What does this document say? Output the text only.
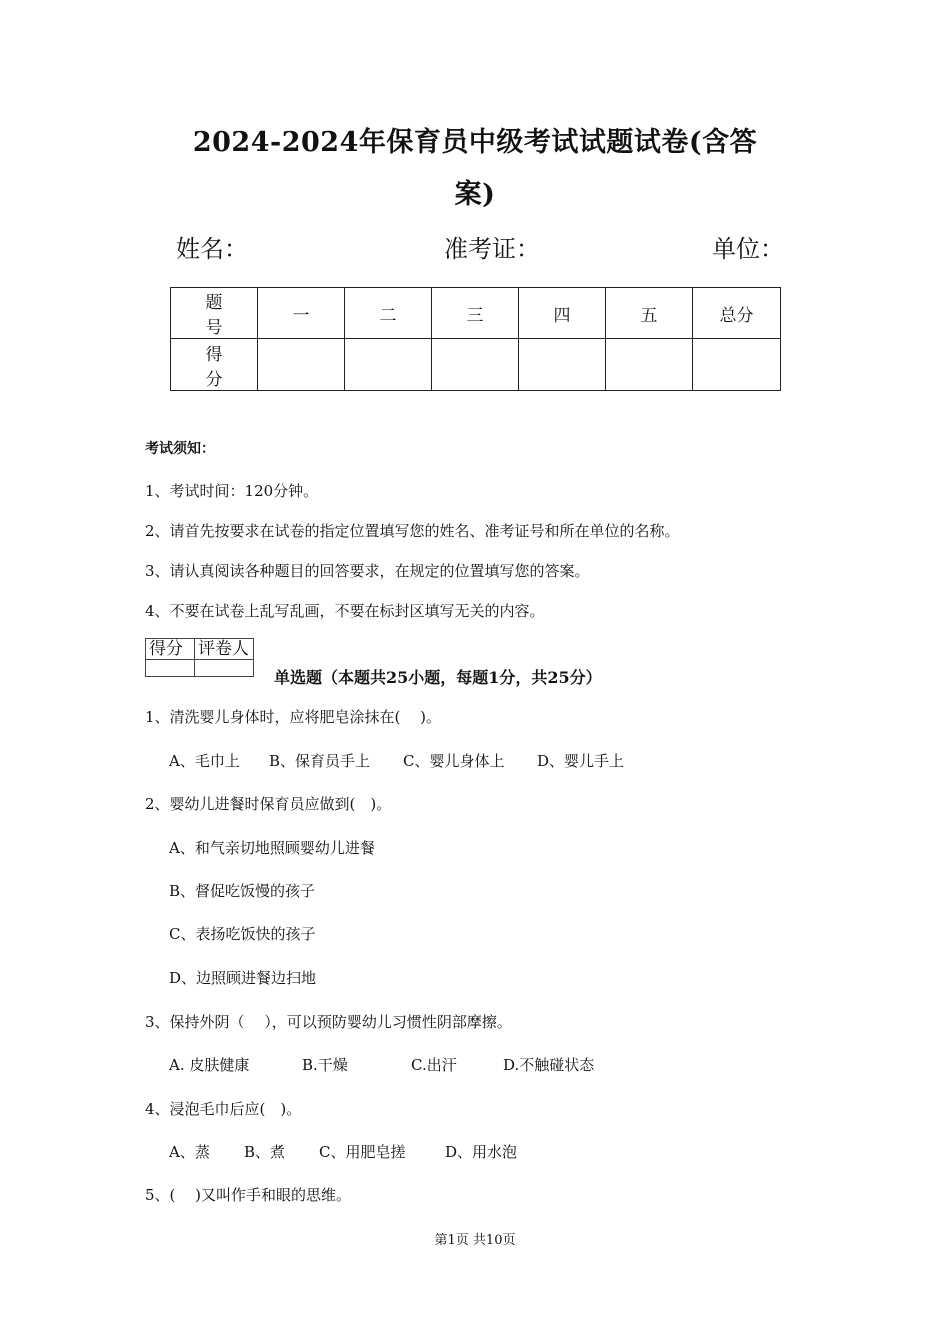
2024-2024年保育员中级考试试题试卷(含答
案)
姓名：	准考证：	单位：
题 号	一	二	三	四	五	总分
得 分						
考试须知：
1、考试时间：120分钟。
2、请首先按要求在试卷的指定位置填写您的姓名、准考证号和所在单位的名称。
3、请认真阅读各种题目的回答要求，在规定的位置填写您的答案。
4、不要在试卷上乱写乱画，不要在标封区填写无关的内容。
得分	评卷人

单选题（本题共25小题，每题1分，共25分）
1、清洗婴儿身体时，应将肥皂涂抹在(　 )。
A、毛巾上 B、保育员手上 C、婴儿身体上 D、婴儿手上
2、婴幼儿进餐时保育员应做到(　)。
A、和气亲切地照顾婴幼儿进餐
B、督促吃饭慢的孩子
C、表扬吃饭快的孩子
D、边照顾进餐边扫地
3、保持外阴（　 ），可以预防婴幼儿习惯性阴部摩擦。
A. 皮肤健康	B.干燥	C.出汗	D.不触碰状态
4、浸泡毛巾后应(　)。
A、蒸 B、煮 C、用肥皂搓	D、用水泡
5、(　 )又叫作手和眼的思维。
第1页 共10页
